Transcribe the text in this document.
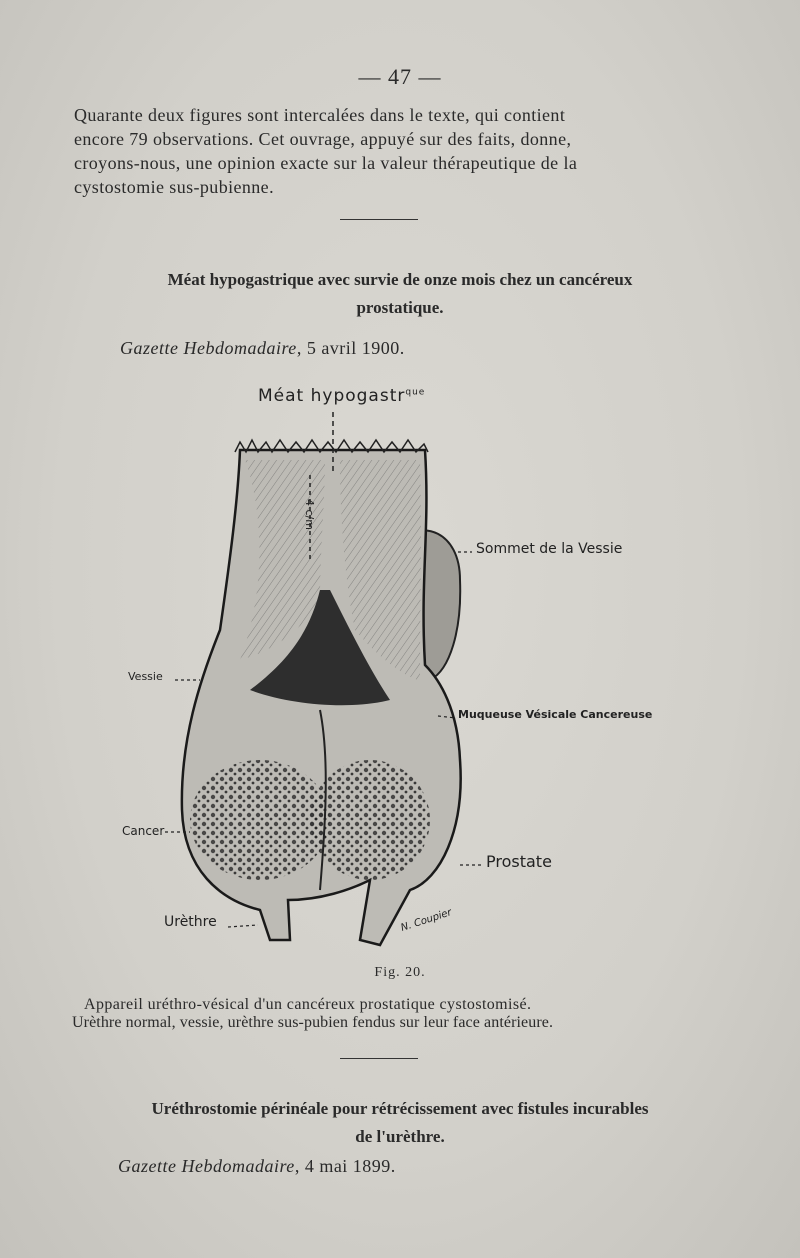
— 47 —
Quarante deux figures sont intercalées dans le texte, qui contient
encore 79 observations. Cet ouvrage, appuyé sur des faits, donne,
croyons-nous, une opinion exacte sur la valeur thérapeutique de la
cystostomie sus-pubienne.
Méat hypogastrique avec survie de onze mois chez un cancéreux
prostatique.
Gazette Hebdomadaire, 5 avril 1900.
Méat hypogastr$^{que}$
4 c/m
Sommet de la Vessie
Vessie
Muqueuse Vésicale Cancereuse
Cancer
Prostate
Urèthre	N. Coupier
Fig. 20.
Appareil uréthro-vésical d'un cancéreux prostatique cystostomisé.
Urèthre normal, vessie, urèthre sus-pubien fendus sur leur face antérieure.
Uréthrostomie périnéale pour rétrécissement avec fistules incurables
de l'urèthre.
Gazette Hebdomadaire, 4 mai 1899.
